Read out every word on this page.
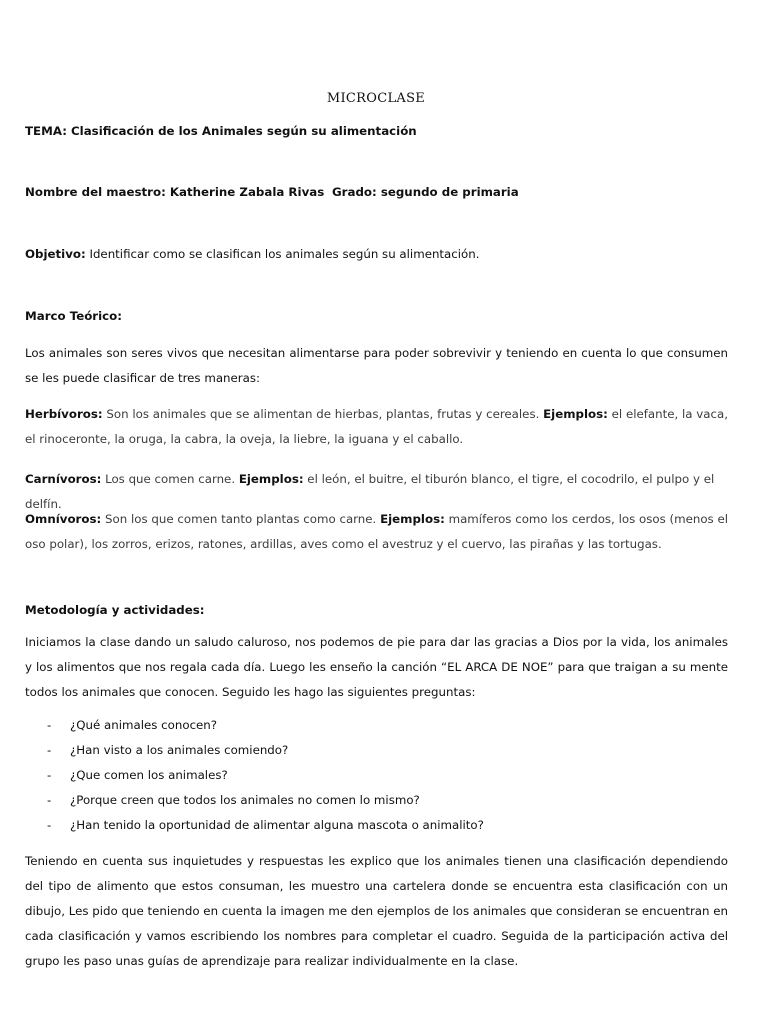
MICROCLASE
TEMA: Clasificación de los Animales según su alimentación
Nombre del maestro: Katherine Zabala Rivas Grado: segundo de primaria
Objetivo: Identificar como se clasifican los animales según su alimentación.
Marco Teórico:

Los animales son seres vivos que necesitan alimentarse para poder sobrevivir y teniendo en cuenta lo que consumen se les puede clasificar de tres maneras:

Herbívoros: Son los animales que se alimentan de hierbas, plantas, frutas y cereales. Ejemplos: el elefante, la vaca, el rinoceronte, la oruga, la cabra, la oveja, la liebre, la iguana y el caballo.

Carnívoros: Los que comen carne. Ejemplos: el león, el buitre, el tiburón blanco, el tigre, el cocodrilo, el pulpo y el delfín.

Omnívoros: Son los que comen tanto plantas como carne. Ejemplos: mamíferos como los cerdos, los osos (menos el oso polar), los zorros, erizos, ratones, ardillas, aves como el avestruz y el cuervo, las pirañas y las tortugas.

Metodología y actividades:

Iniciamos la clase dando un saludo caluroso, nos podemos de pie para dar las gracias a Dios por la vida, los animales y los alimentos que nos regala cada día. Luego les enseño la canción “EL ARCA DE NOE” para que traigan a su mente todos los animales que conocen. Seguido les hago las siguientes preguntas:

- ¿Qué animales conocen?
- ¿Han visto a los animales comiendo?
- ¿Que comen los animales?
- ¿Porque creen que todos los animales no comen lo mismo?
- ¿Han tenido la oportunidad de alimentar alguna mascota o animalito?

Teniendo en cuenta sus inquietudes y respuestas les explico que los animales tienen una clasificación dependiendo del tipo de alimento que estos consuman, les muestro una cartelera donde se encuentra esta clasificación con un dibujo, Les pido que teniendo en cuenta la imagen me den ejemplos de los animales que consideran se encuentran en cada clasificación y vamos escribiendo los nombres para completar el cuadro. Seguida de la participación activa del grupo les paso unas guías de aprendizaje para realizar individualmente en la clase.
